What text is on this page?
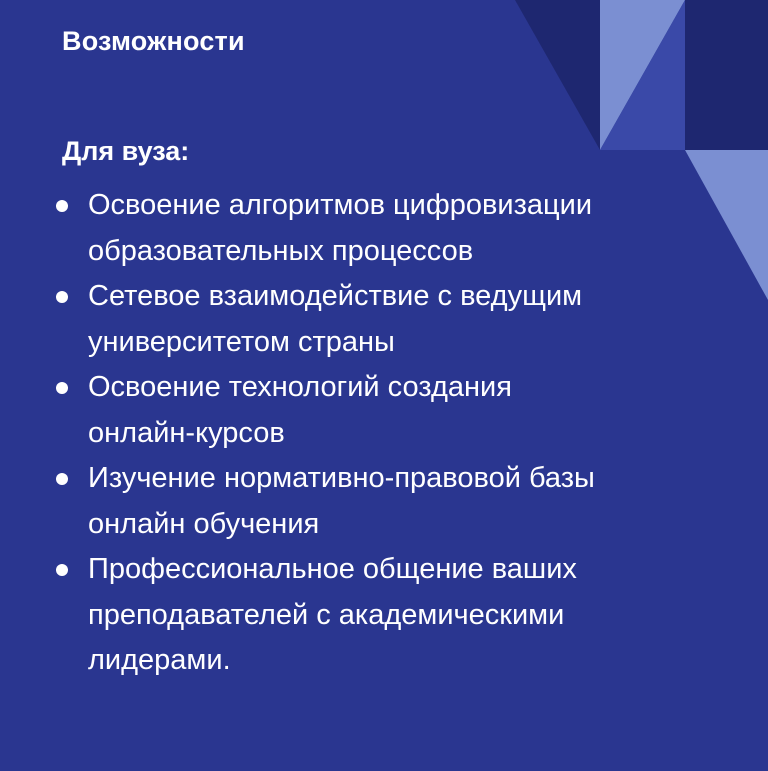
Возможности
Для вуза:
Освоение алгоритмов цифровизации
образовательных процессов
Сетевое взаимодействие с ведущим
университетом страны
Освоение технологий создания
онлайн-курсов
Изучение нормативно-правовой базы
онлайн обучения
Профессиональное общение ваших
преподавателей с академическими
лидерами.
